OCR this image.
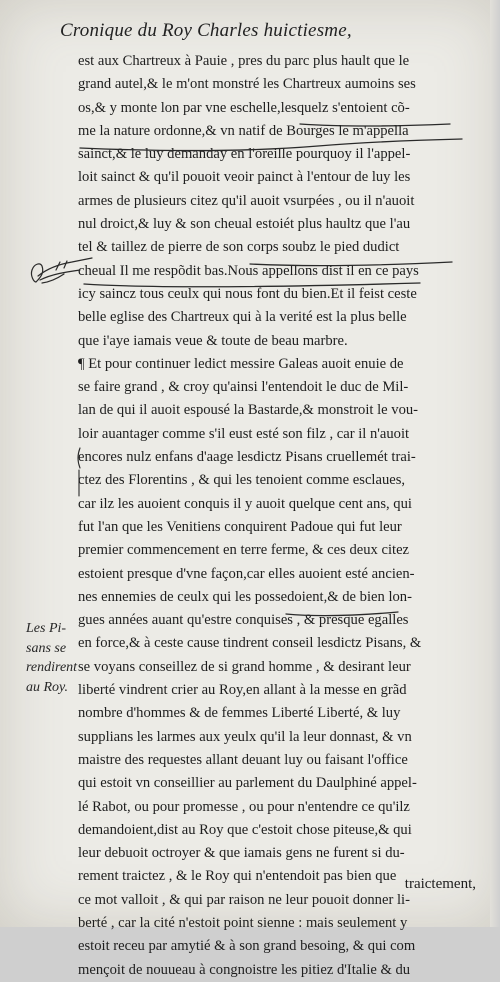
Cronique du Roy Charles huictiesme,
est aux Chartreux à Pauie , pres du parc plus hault que le
grand autel,& le m'ont monstré les Chartreux aumoins ses
os,& y monte lon par vne eschelle,lesquelz s'entoient cõ-
me la nature ordonne,& vn natif de Bourges le m'appella
sainct,& le luy demanday en l'oreille pourquoy il l'appel-
loit sainct & qu'il pouoit veoir painct à l'entour de luy les
armes de plusieurs citez qu'il auoit vsurpées , ou il n'auoit
nul droict,& luy & son cheual estoiét plus haultz que l'au
tel & taillez de pierre de son corps soubz le pied dudict
cheual Il me respõdit bas.Nous appellons dist il en ce pays
icy saincz tous ceulx qui nous font du bien.Et il feist ceste
belle eglise des Chartreux qui à la verité est la plus belle
que i'aye iamais veue & toute de beau marbre.
¶ Et pour continuer ledict messire Galeas auoit enuie de
se faire grand , & croy qu'ainsi l'entendoit le duc de Mil-
lan de qui il auoit espousé la Bastarde,& monstroit le vou-
loir auantager comme s'il eust esté son filz , car il n'auoit
encores nulz enfans d'aage lesdictz Pisans cruellemét trai-
ctez des Florentins , & qui les tenoient comme esclaues,
car ilz les auoient conquis il y auoit quelque cent ans, qui
fut l'an que les Venitiens conquirent Padoue qui fut leur
premier commencement en terre ferme, & ces deux citez
estoient presque d'vne façon,car elles auoient esté ancien-
nes ennemies de ceulx qui les possedoient,& de bien lon-
gues années auant qu'estre conquises , & presque egalles
en force,& à ceste cause tindrent conseil lesdictz Pisans, &
se voyans conseillez de si grand homme , & desirant leur
liberté vindrent crier au Roy,en allant à la messe en grãd
nombre d'hommes & de femmes Liberté Liberté, & luy
supplians les larmes aux yeulx qu'il la leur donnast, & vn
maistre des requestes allant deuant luy ou faisant l'office
qui estoit vn conseillier au parlement du Daulphiné appel-
lé Rabot, ou pour promesse , ou pour n'entendre ce qu'ilz
demandoient,dist au Roy que c'estoit chose piteuse,& qui
leur debuoit octroyer & que iamais gens ne furent si du-
rement traictez , & le Roy qui n'entendoit pas bien que
ce mot valloit , & qui par raison ne leur pouoit donner li-
berté , car la cité n'estoit point sienne : mais seulement y
estoit receu par amytié & à son grand besoing, & qui com
mençoit de nouueau à congnoistre les pitiez d'Italie & du
Les Pi-
sans se
rendirent
au Roy.
traictement,
